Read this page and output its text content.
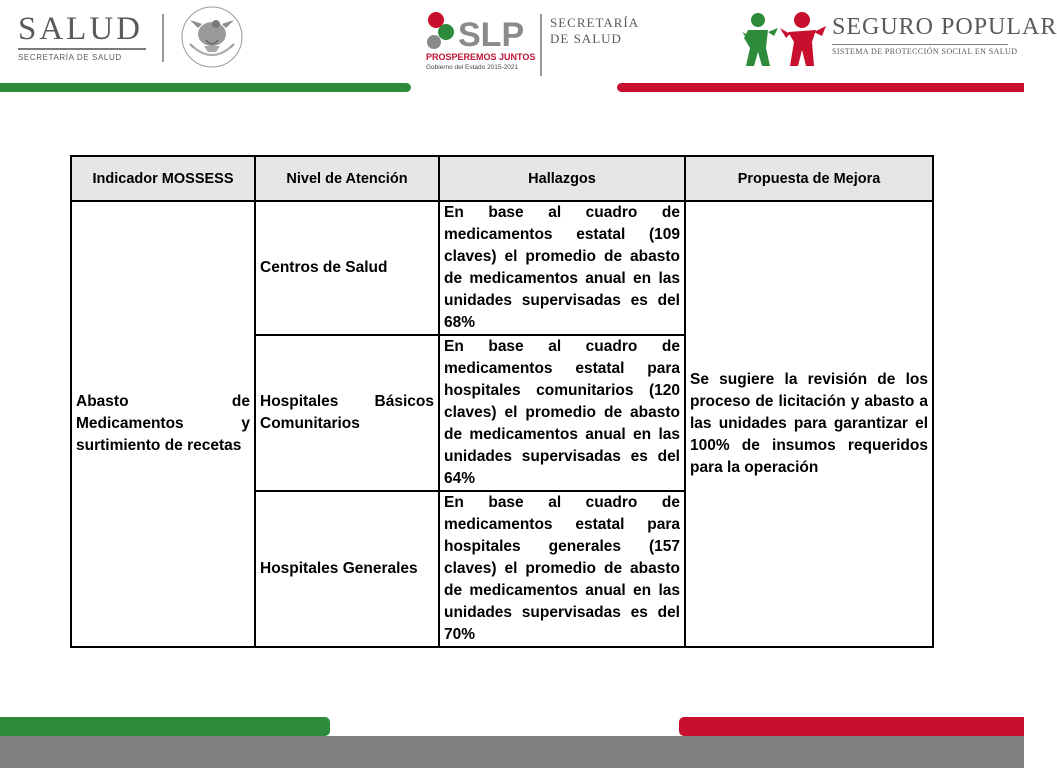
SALUD
SECRETARÍA DE SALUD
SLP
PROSPEREMOS JUNTOS
Gobierno del Estado 2015-2021
SECRETARÍA
DE SALUD	SEGURO POPULAR
SISTEMA DE PROTECCIÓN SOCIAL EN SALUD
Indicador MOSSESS	Nivel de Atención	Hallazgos	Propuesta de Mejora
Abasto de Medicamentos y surtimiento de recetas	Centros de Salud	En base al cuadro de medicamentos estatal (109 claves) el promedio de abasto de medicamentos anual en las unidades supervisadas es del 68%	Se sugiere la revisión de los proceso de licitación y abasto a las unidades para garantizar el 100% de insumos requeridos para la operación
	Hospitales Básicos Comunitarios	En base al cuadro de medicamentos estatal para hospitales comunitarios (120 claves) el promedio de abasto de medicamentos anual en las unidades supervisadas es del 64%	
	Hospitales Generales	En base al cuadro de medicamentos estatal para hospitales generales (157 claves) el promedio de abasto de medicamentos anual en las unidades supervisadas es del 70%	
